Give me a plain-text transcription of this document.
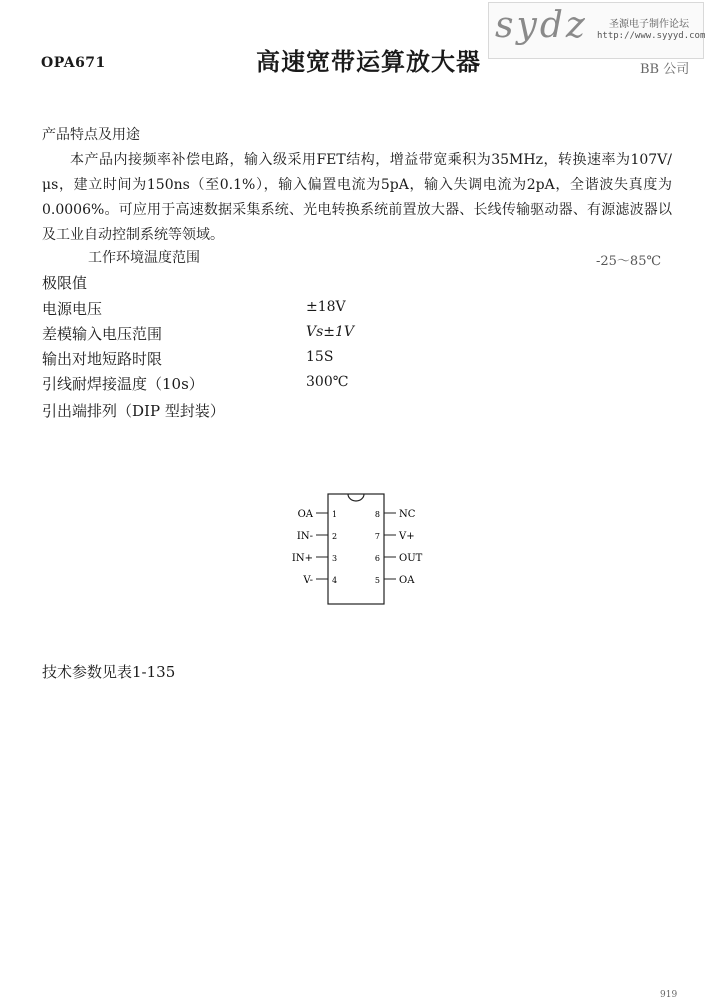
OPA671	高速宽带运算放大器	BB 公司
sydz 圣源电子制作论坛
http://www.syyyd.com
产品特点及用途
本产品内接频率补偿电路，输入级采用FET结构，增益带宽乘积为35MHz，转换速率为107V/μs，建立时间为150ns（至0.1%），输入偏置电流为5pA，输入失调电流为2pA，全谐波失真度为0.0006%。可应用于高速数据采集系统、光电转换系统前置放大器、长线传输驱动器、有源滤波器以及工业自动控制系统等领域。
工作环境温度范围	-25～85℃
极限值
电源电压	±18V
差模输入电压范围	Vs±1V
输出对地短路时限	15S
引线耐焊接温度（10s）	300℃
引出端排列（DIP 型封装）
OA
IN-
IN+
V-
1
2
3
4
8
7
6
5
NC
V+
OUT
OA
技术参数见表1-135
919
